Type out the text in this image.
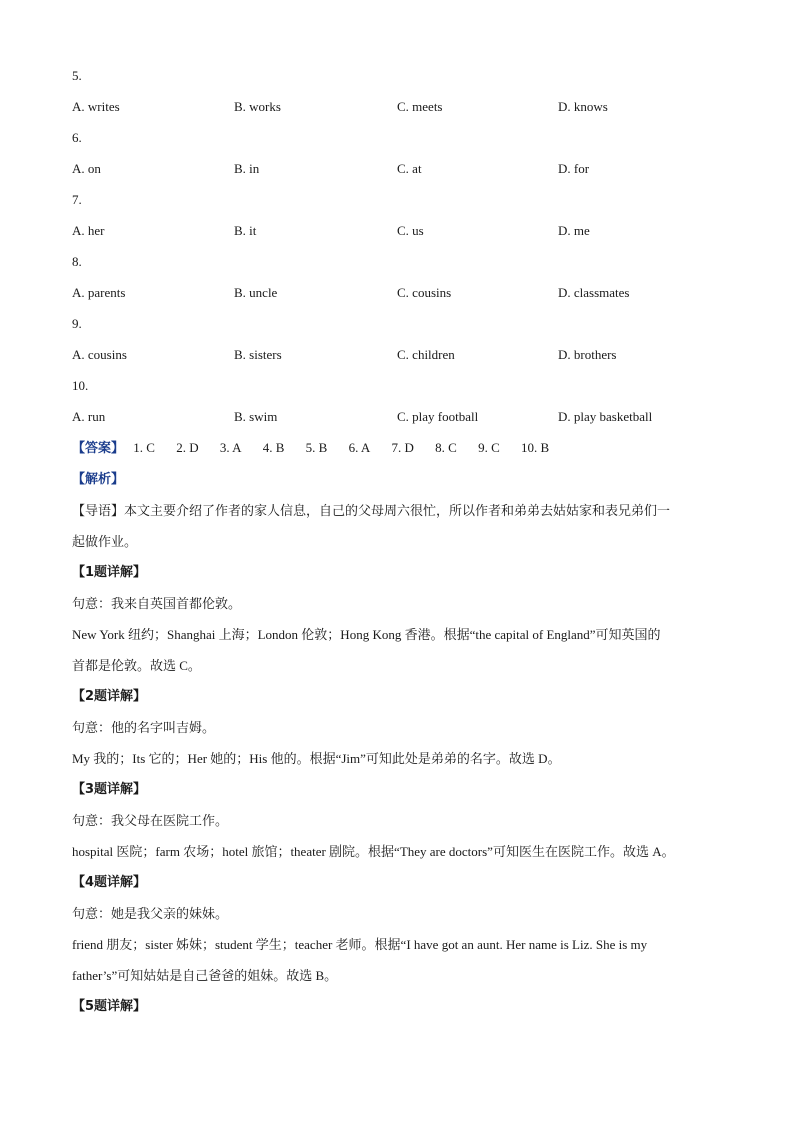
5.
A. writes	B. works	C. meets	D. knows
6.
A. on	B. in	C. at	D. for
7.
A. her	B. it	C. us	D. me
8.
A. parents	B. uncle	C. cousins	D. classmates
9.
A. cousins	B. sisters	C. children	D. brothers
10.
A. run	B. swim	C. play football	D. play basketball
【答案】 1. C 2. D 3. A 4. B 5. B 6. A 7. D 8. C 9. C 10. B
【解析】
【导语】本文主要介绍了作者的家人信息，自己的父母周六很忙，所以作者和弟弟去姑姑家和表兄弟们一
起做作业。
【1题详解】
句意：我来自英国首都伦敦。
New York 纽约；Shanghai 上海；London 伦敦；Hong Kong 香港。根据“the capital of England”可知英国的
首都是伦敦。故选 C。
【2题详解】
句意：他的名字叫吉姆。
My 我的；Its 它的；Her 她的；His 他的。根据“Jim”可知此处是弟弟的名字。故选 D。
【3题详解】
句意：我父母在医院工作。
hospital 医院；farm 农场；hotel 旅馆；theater 剧院。根据“They are doctors”可知医生在医院工作。故选 A。
【4题详解】
句意：她是我父亲的妹妹。
friend 朋友；sister 姊妹；student 学生；teacher 老师。根据“I have got an aunt. Her name is Liz. She is my
father’s”可知姑姑是自己爸爸的姐妹。故选 B。
【5题详解】
